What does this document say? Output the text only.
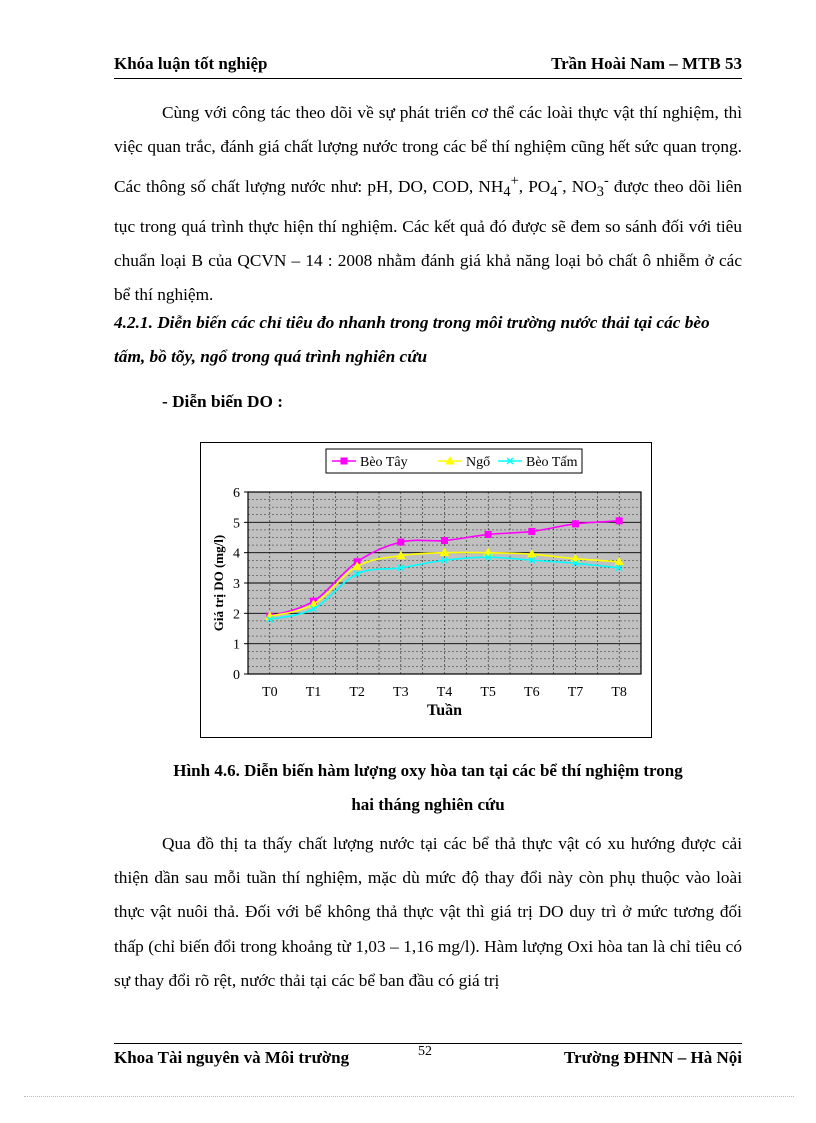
Khóa luận tốt nghiệp	Trần Hoài Nam – MTB 53
Cùng với công tác theo dõi về sự phát triển cơ thể các loài thực vật thí nghiệm, thì việc quan trắc, đánh giá chất lượng nước trong các bể thí nghiệm cũng hết sức quan trọng. Các thông số chất lượng nước như: pH, DO, COD, $NH_4^+$, $PO_4^-$, $NO_3^-$ được theo dõi liên tục trong quá trình thực hiện thí nghiệm. Các kết quả đó được sẽ đem so sánh đối với tiêu chuẩn loại B của QCVN – 14 : 2008 nhằm đánh giá khả năng loại bỏ chất ô nhiễm ở các bể thí nghiệm.
4.2.1. Diễn biến các chỉ tiêu đo nhanh trong trong môi trường nước thải tại các bèo tấm, bồ tõy, ngổ trong quá trình nghiên cứu
- Diễn biến DO :
0
1
2
3
4
5
6
T0 T1 T2 T3 T4 T5 T6 T7 T8
Tuần
Giá trị DO (mg/l)
Bèo Tây	Ngổ	Bèo Tấm
Hình 4.6. Diễn biến hàm lượng oxy hòa tan tại các bể thí nghiệm trong
hai tháng nghiên cứu
Qua đồ thị ta thấy chất lượng nước tại các bể thả thực vật có xu hướng được cải thiện dần sau mỗi tuần thí nghiệm, mặc dù mức độ thay đổi này còn phụ thuộc vào loài thực vật nuôi thả. Đối với bể không thả thực vật thì giá trị DO duy trì ở mức tương đối thấp (chỉ biến đổi trong khoảng từ 1,03 – 1,16 mg/l). Hàm lượng Oxi hòa tan là chỉ tiêu có sự thay đổi rõ rệt, nước thải tại các bể ban đầu có giá trị
Khoa Tài nguyên và Môi trường	52	Trường ĐHNN – Hà Nội
